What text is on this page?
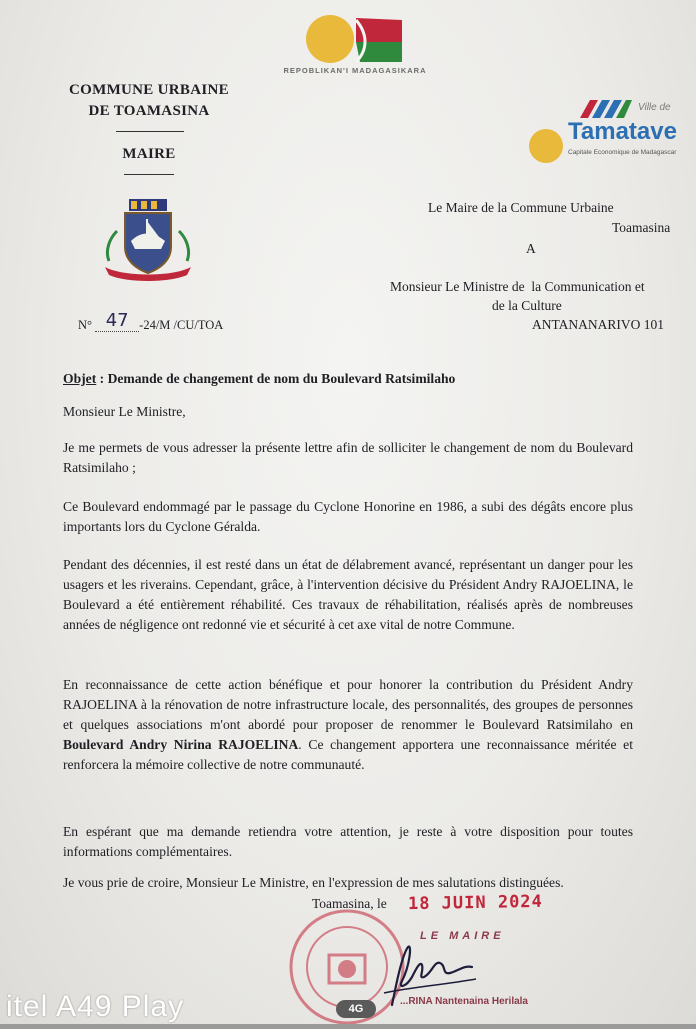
REPOBLIKAN'I MADAGASIKARA
COMMUNE URBAINE
DE TOAMASINA
MAIRE
N° 47 -24/M /CU/TOA
Ville de
Tamatave
Capitale Economique de Madagascar
Le Maire de la Commune Urbaine
Toamasina
A
Monsieur Le Ministre de  la Communication et
de la Culture
ANTANANARIVO 101
Objet : Demande de changement de nom du Boulevard Ratsimilaho
Monsieur Le Ministre,
Je me permets de vous adresser la présente lettre afin de solliciter le changement de nom du Boulevard Ratsimilaho ;
Ce Boulevard endommagé par le passage du Cyclone Honorine en 1986, a subi des dégâts encore plus importants lors du Cyclone Géralda.
Pendant des décennies, il est resté dans un état de délabrement avancé, représentant un danger pour les usagers et les riverains. Cependant, grâce, à l'intervention décisive du Président Andry RAJOELINA, le Boulevard a été entièrement réhabilité. Ces travaux de réhabilitation, réalisés après de nombreuses années de négligence ont redonné vie et sécurité à cet axe vital de notre Commune.
En reconnaissance de cette action bénéfique et pour honorer la contribution du Président Andry RAJOELINA à la rénovation de notre infrastructure locale, des personnalités, des groupes de personnes et quelques associations m'ont abordé pour proposer de renommer le Boulevard Ratsimilaho en Boulevard Andry Nirina RAJOELINA. Ce changement apportera une reconnaissance méritée et renforcera la mémoire collective de notre communauté.
En espérant que ma demande retiendra votre attention, je reste à votre disposition pour toutes informations complémentaires.
Je vous prie de croire, Monsieur Le Ministre, en l'expression de mes salutations distinguées.
Toamasina, le 18 JUIN 2024
LE MAIRE
...RINA Nantenaina Herilala
itel A49 Play	4G
